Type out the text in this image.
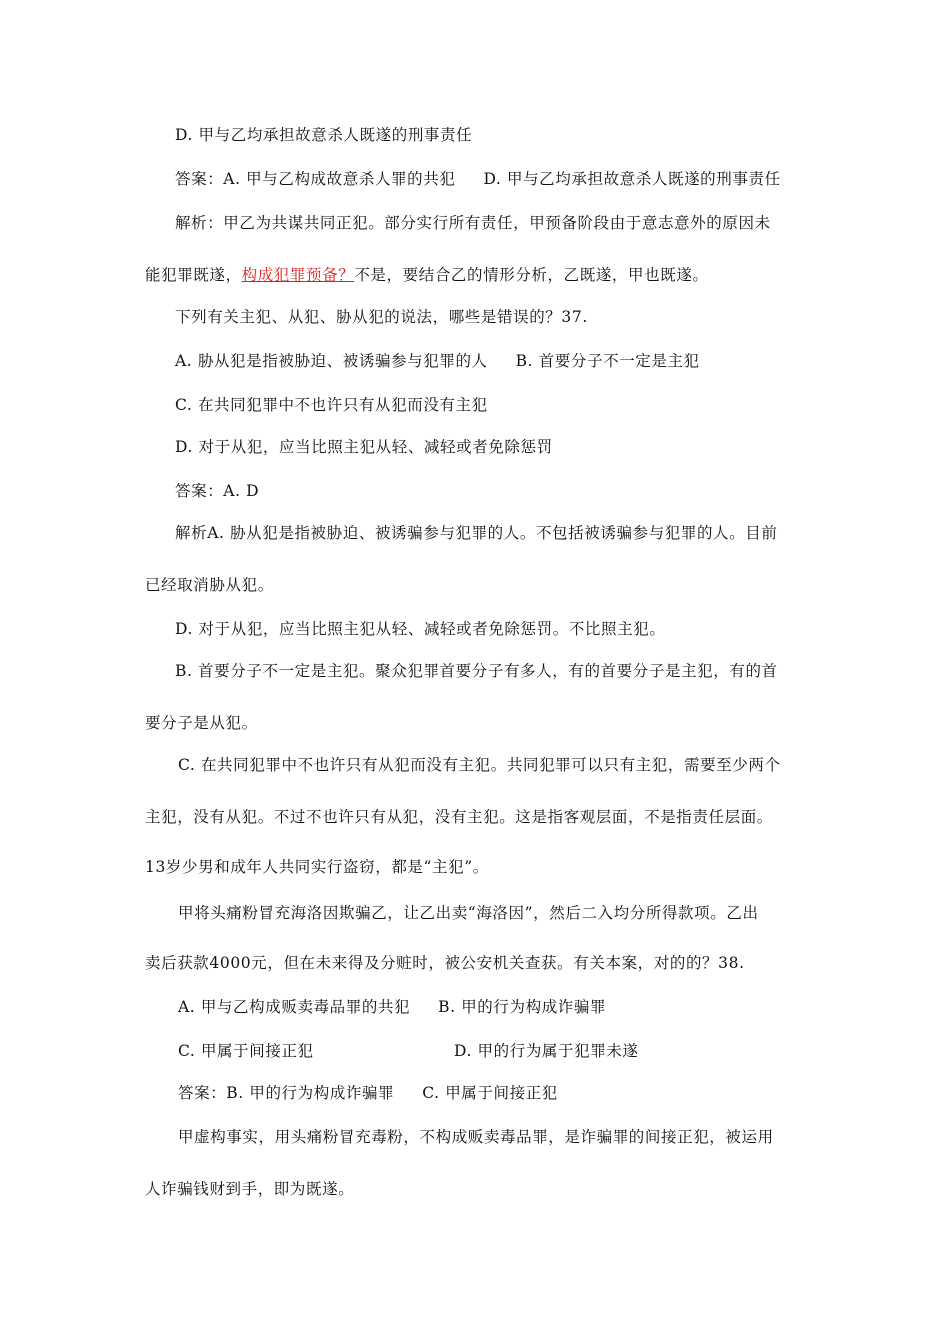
D. 甲与乙均承担故意杀人既遂的刑事责任
答案：A. 甲与乙构成故意杀人罪的共犯 D. 甲与乙均承担故意杀人既遂的刑事责任
解析：甲乙为共谋共同正犯。部分实行所有责任，甲预备阶段由于意志意外的原因未
能犯罪既遂，构成犯罪预备？不是，要结合乙的情形分析，乙既遂，甲也既遂。
下列有关主犯、从犯、胁从犯的说法，哪些是错误的？37.
A. 胁从犯是指被胁迫、被诱骗参与犯罪的人 B. 首要分子不一定是主犯
C. 在共同犯罪中不也许只有从犯而没有主犯
D. 对于从犯，应当比照主犯从轻、减轻或者免除惩罚
答案：A. D
解析A. 胁从犯是指被胁迫、被诱骗参与犯罪的人。不包括被诱骗参与犯罪的人。目前
已经取消胁从犯。
D. 对于从犯，应当比照主犯从轻、减轻或者免除惩罚。不比照主犯。
B. 首要分子不一定是主犯。聚众犯罪首要分子有多人，有的首要分子是主犯，有的首
要分子是从犯。
C. 在共同犯罪中不也许只有从犯而没有主犯。共同犯罪可以只有主犯，需要至少两个
主犯，没有从犯。不过不也许只有从犯，没有主犯。这是指客观层面，不是指责任层面。
13岁少男和成年人共同实行盗窃，都是“主犯”。
甲将头痛粉冒充海洛因欺骗乙，让乙出卖“海洛因”，然后二入均分所得款项。乙出
卖后获款4000元，但在未来得及分赃时，被公安机关查获。有关本案，对的的？38.
A. 甲与乙构成贩卖毒品罪的共犯 B. 甲的行为构成诈骗罪
C. 甲属于间接正犯	D. 甲的行为属于犯罪未遂
答案：B. 甲的行为构成诈骗罪 C. 甲属于间接正犯
甲虚构事实，用头痛粉冒充毒粉，不构成贩卖毒品罪，是诈骗罪的间接正犯，被运用
人诈骗钱财到手，即为既遂。
